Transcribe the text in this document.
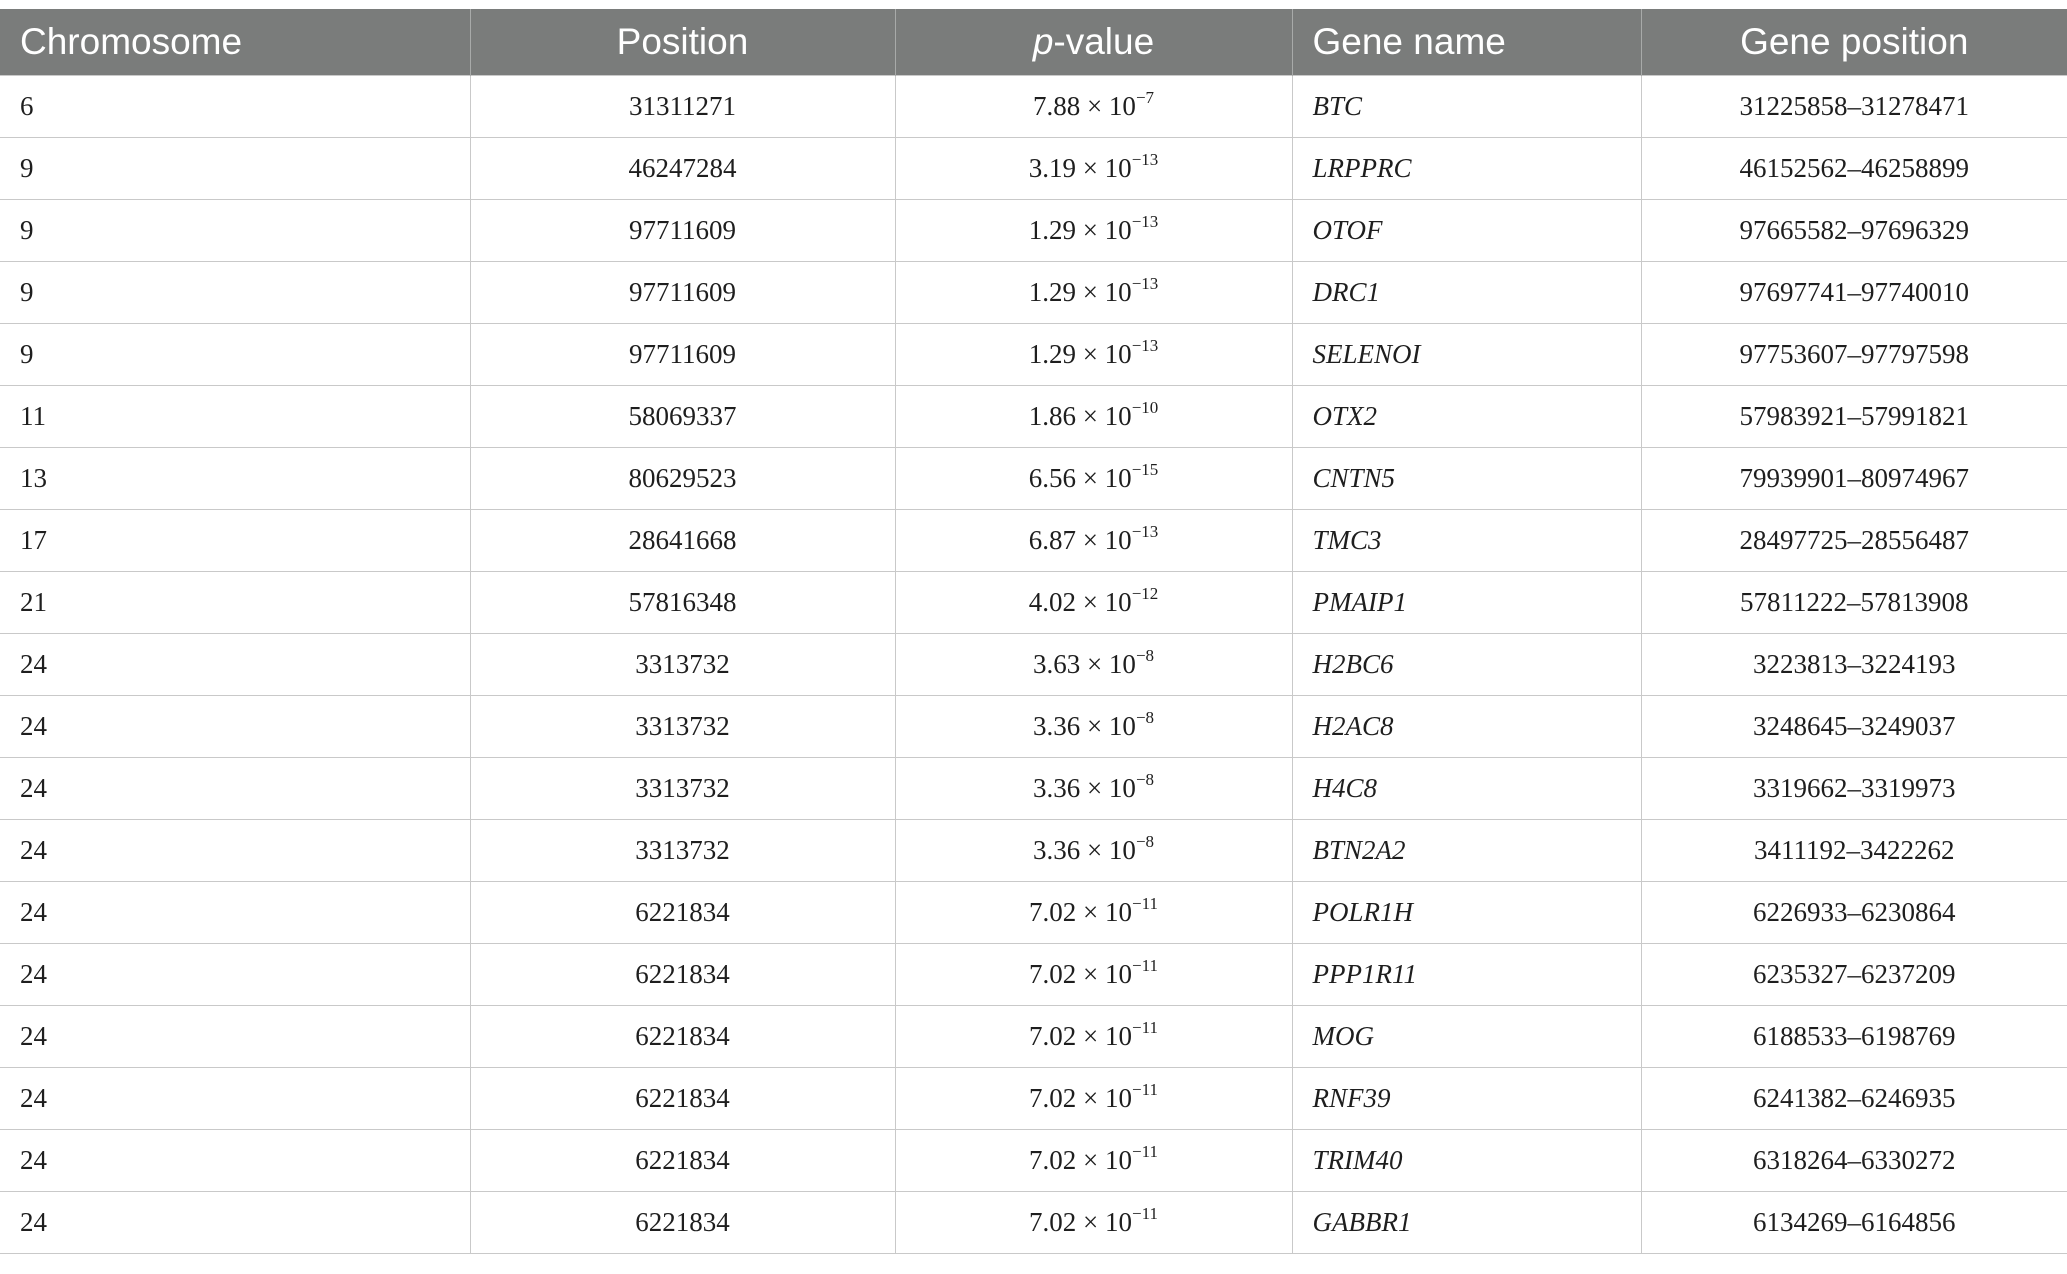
Chromosome	Position	p-value	Gene name	Gene position
6	31311271	$7.88 \times 10^{-7}$	BTC	31225858–31278471
9	46247284	$3.19 \times 10^{-13}$	LRPPRC	46152562–46258899
9	97711609	$1.29 \times 10^{-13}$	OTOF	97665582–97696329
9	97711609	$1.29 \times 10^{-13}$	DRC1	97697741–97740010
9	97711609	$1.29 \times 10^{-13}$	SELENOI	97753607–97797598
11	58069337	$1.86 \times 10^{-10}$	OTX2	57983921–57991821
13	80629523	$6.56 \times 10^{-15}$	CNTN5	79939901–80974967
17	28641668	$6.87 \times 10^{-13}$	TMC3	28497725–28556487
21	57816348	$4.02 \times 10^{-12}$	PMAIP1	57811222–57813908
24	3313732	$3.63 \times 10^{-8}$	H2BC6	3223813–3224193
24	3313732	$3.36 \times 10^{-8}$	H2AC8	3248645–3249037
24	3313732	$3.36 \times 10^{-8}$	H4C8	3319662–3319973
24	3313732	$3.36 \times 10^{-8}$	BTN2A2	3411192–3422262
24	6221834	$7.02 \times 10^{-11}$	POLR1H	6226933–6230864
24	6221834	$7.02 \times 10^{-11}$	PPP1R11	6235327–6237209
24	6221834	$7.02 \times 10^{-11}$	MOG	6188533–6198769
24	6221834	$7.02 \times 10^{-11}$	RNF39	6241382–6246935
24	6221834	$7.02 \times 10^{-11}$	TRIM40	6318264–6330272
24	6221834	$7.02 \times 10^{-11}$	GABBR1	6134269–6164856
